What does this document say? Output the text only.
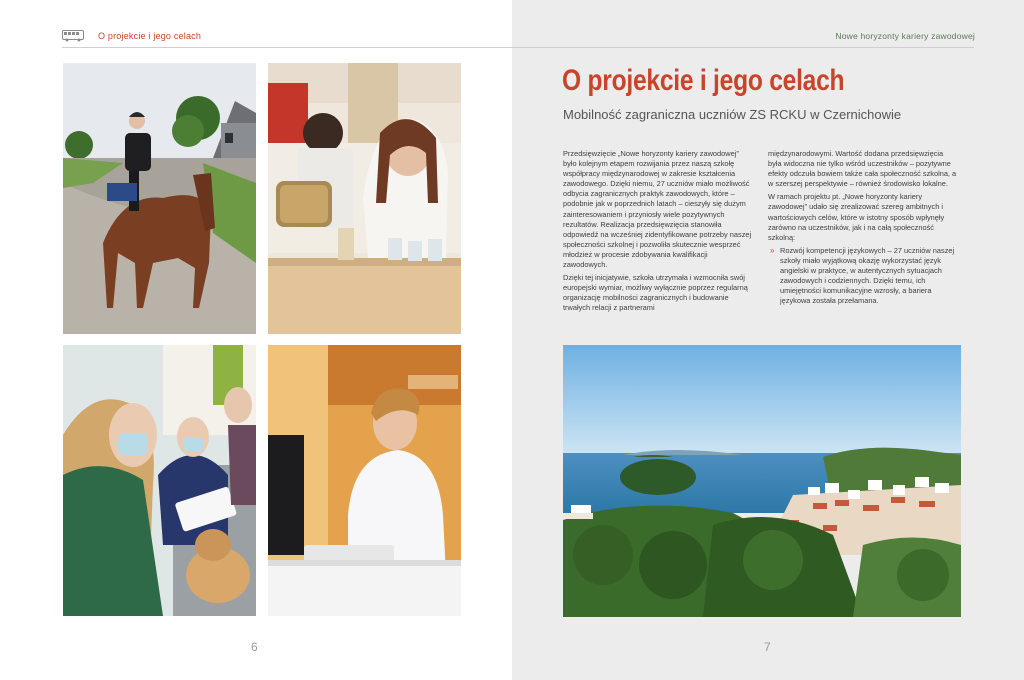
O projekcie i jego celach
6
Nowe horyzonty kariery zawodowej
O projekcie i jego celach
Mobilność zagraniczna uczniów ZS RCKU w Czernichowie

Przedsięwzięcie „Nowe horyzonty kariery zawodowej” było kolejnym etapem rozwijania przez naszą szkołę współpracy międzynarodowej w zakresie kształcenia zawodowego. Dzięki niemu, 27 uczniów miało możliwość odbycia zagranicznych praktyk zawodowych, które – podobnie jak w poprzednich latach – cieszyły się dużym zainteresowaniem i przyniosły wiele pozytywnych rezultatów. Realizacja przedsięwzięcia stanowiła odpowiedź na wcześniej zidentyfikowane potrzeby naszej społeczności szkolnej i pozwoliła skutecznie wesprzeć młodzież w procesie zdobywania kwalifikacji zawodowych.

Dzięki tej inicjatywie, szkoła utrzymała i wzmocniła swój europejski wymiar, możliwy wyłącznie poprzez regularną organizację mobilności zagranicznych i budowanie trwałych relacji z partnerami

międzynarodowymi. Wartość dodana przedsięwzięcia była widoczna nie tylko wśród uczestników – pozytywne efekty odczuła bowiem także cała społeczność szkolna, a w szerszej perspektywie – również środowisko lokalne.

W ramach projektu pt. „Nowe horyzonty kariery zawodowej” udało się zrealizować szereg ambitnych i wartościowych celów, które w istotny sposób wpłynęły zarówno na uczestników, jak i na całą społeczność szkolną:

» Rozwój kompetencji językowych – 27 uczniów naszej szkoły miało wyjątkową okazję wykorzystać język angielski w praktyce, w autentycznych sytuacjach zawodowych i codziennych. Dzięki temu, ich umiejętności komunikacyjne wzrosły, a bariera językowa została przełamana.
7
